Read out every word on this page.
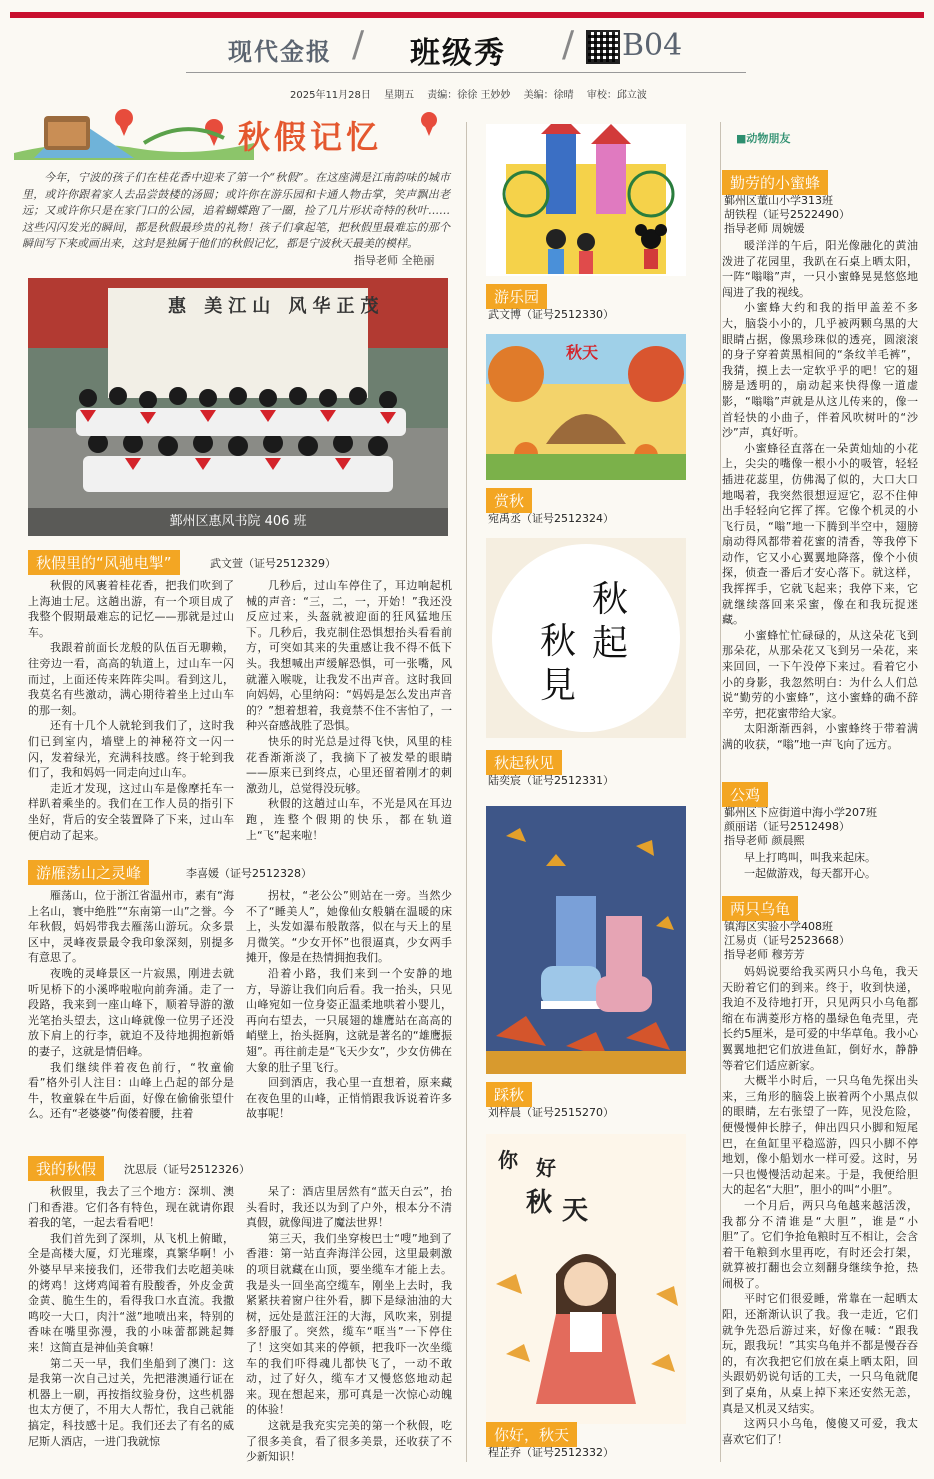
现代金报 / 班级秀 / B04
2025年11月28日 星期五 责编：徐徐 王妙妙 美编：徐晴 审校：邱立波
秋假记忆
今年，宁波的孩子们在桂花香中迎来了第一个“秋假”。在这座满是江南韵味的城市里，或许你跟着家人去品尝鼓楼的汤圆；或许你在游乐园和卡通人物击掌，笑声飘出老远；又或许你只是在家门口的公园，追着蝴蝶跑了一圈，捡了几片形状奇特的秋叶……这些闪闪发光的瞬间，都是秋假最珍贵的礼物！孩子们拿起笔，把秋假里最难忘的那个瞬间写下来或画出来，这封是独属于他们的秋假记忆，都是宁波秋天最美的模样。
指导老师 全艳丽
惠 美江山 风华正茂
鄞州区惠风书院 406 班
秋假里的“风驰电掣”	武文萱（证号2512329）

秋假的风裹着桂花香，把我们吹到了上海迪士尼。这趟出游，有一个项目成了我整个假期最难忘的记忆——那就是过山车。

我跟着前面长龙般的队伍百无聊赖，往旁边一看，高高的轨道上，过山车一闪而过，上面还传来阵阵尖叫。看到这儿，我莫名有些激动，满心期待着坐上过山车的那一刻。

还有十几个人就轮到我们了，这时我们已到室内，墙壁上的神秘符文一闪一闪，发着绿光，充满科技感。终于轮到我们了，我和妈妈一同走向过山车。

走近才发现，这过山车是像摩托车一样趴着乘坐的。我们在工作人员的指引下坐好，背后的安全装置降了下来，过山车便启动了起来。

几秒后，过山车停住了，耳边响起机械的声音：“三，二，一，开始！”我还没反应过来，头盔就被迎面的狂风猛地压下。几秒后，我克制住恐惧想抬头看看前方，可突如其来的失重感让我不得不低下头。我想喊出声缓解恐惧，可一张嘴，风就灌入喉咙，让我发不出声音。这时我回向妈妈，心里纳闷：“妈妈是怎么发出声音的？”想着想着，我竟禁不住不害怕了，一种兴奋感战胜了恐惧。

快乐的时光总是过得飞快，风里的桂花香渐渐淡了，我摘下了被发晕的眼睛——原来已到终点，心里还留着刚才的刺激劲儿，总觉得没玩够。

秋假的这趟过山车，不光是风在耳边跑，连整个假期的快乐，都在轨道上“飞”起来啦！

游雁荡山之灵峰	李喜媛（证号2512328）

雁荡山，位于浙江省温州市，素有“海上名山，寰中绝胜”“东南第一山”之誉。今年秋假，妈妈带我去雁荡山游玩。众多景区中，灵峰夜景最令我印象深刻，别提多有意思了。

夜晚的灵峰景区一片寂黑，刚进去就听见桥下的小溪哗啦啦向前奔涌。走了一段路，我来到一座山峰下，顺着导游的激光笔抬头望去，这山峰就像一位男子还没放下肩上的行李，就迫不及待地拥抱新婚的妻子，这就是情侣峰。

我们继续伴着夜色前行，“牧童偷看”格外引人注目：山峰上凸起的部分是牛，牧童躲在牛后面，好像在偷偷张望什么。还有“老婆婆”佝偻着腰，拄着

拐杖，“老公公”则站在一旁。当然少不了“睡美人”，她像仙女般躺在温暖的床上，头发如瀑布般散落，似在与天上的星月微笑。“少女开怀”也很逼真，少女两手摊开，像是在热情拥抱我们。

沿着小路，我们来到一个安静的地方，导游让我们向后看。我一抬头，只见山峰宛如一位身姿正温柔地哄着小婴儿，再向右望去，一只展翅的雄鹰站在高高的峭壁上，抬头挺胸，这就是著名的“雄鹰振翅”。再往前走是“飞天少女”，少女仿佛在大象的肚子里飞行。

回到酒店，我心里一直想着，原来藏在夜色里的山峰，正悄悄跟我诉说着许多故事呢！

我的秋假	沈思辰（证号2512326）

秋假里，我去了三个地方：深圳、澳门和香港。它们各有特色，现在就请你跟着我的笔，一起去看看吧！

我们首先到了深圳，从飞机上俯瞰，全是高楼大厦，灯光璀璨，真繁华啊！小外婆早早来接我们，还带我们去吃超美味的烤鸡！这烤鸡闻着有股酸香，外皮金黄金黄、脆生生的，看得我口水直流。我撒鸣咬一大口，肉汁“滋”地喷出来，特别的香味在嘴里弥漫，我的小味蕾都跳起舞来！这简直是神仙美食嘛！

第二天一早，我们坐船到了澳门：这是我第一次自己过关，先把港澳通行证在机器上一刷，再按指纹验身份，这些机器也太方便了，不用大人帮忙，我自己就能搞定，科技感十足。我们还去了有名的威尼斯人酒店，一进门我就惊

呆了：酒店里居然有“蓝天白云”，抬头看时，我还以为到了户外，根本分不清真假，就像闯进了魔法世界！

第三天，我们坐穿梭巴士“嗖”地到了香港：第一站直奔海洋公园，这里最刺激的项目就藏在山顶，要坐缆车才能上去。我是头一回坐高空缆车，刚坐上去时，我紧紧扶着窗户往外看，脚下是绿油油的大树，远处是蓝汪汪的大海，风吹来，别提多舒服了。突然，缆车“哐当”一下停住了！这突如其来的停顿，把我吓一次坐缆车的我们吓得魂儿都快飞了，一动不敢动，过了好久，缆车才又慢悠悠地动起来。现在想起来，那可真是一次惊心动魄的体验！

这就是我充实完美的第一个秋假，吃了很多美食，看了很多美景，还收获了不少新知识！

游乐园
武文博（证号2512330）
秋天
赏秋
宛禹丞（证号2512324）
秋
起
秋
見
秋起秋见
陆奕宸（证号2512331）
踩秋
刘梓晨（证号2515270）
你 好
秋 天
你好，秋天
程芷乔（证号2512332）
■动物朋友
勤劳的小蜜蜂
鄞州区董山小学313班
胡铁程（证号2522490）
指导老师 周婉媛

暖洋洋的午后，阳光像融化的黄油泼进了花园里，我趴在石桌上晒太阳，一阵“嗡嗡”声，一只小蜜蜂晃晃悠悠地闯进了我的视线。

小蜜蜂大约和我的指甲盖差不多大，脑袋小小的，几乎被两颗乌黑的大眼睛占据，像黑珍珠似的透亮，圆滚滚的身子穿着黄黑相间的“条纹羊毛裤”，我猜，摸上去一定软乎乎的吧！它的翅膀是透明的，扇动起来快得像一道虚影，“嗡嗡”声就是从这儿传来的，像一首轻快的小曲子，伴着风吹树叶的“沙沙”声，真好听。

小蜜蜂径直落在一朵黄灿灿的小花上，尖尖的嘴像一根小小的吸管，轻轻插进花蕊里，仿佛渴了似的，大口大口地喝着，我突然很想逗逗它，忍不住伸出手轻轻向它挥了挥。它像个机灵的小飞行员，“嗡”地一下腾到半空中，翅膀扇动得风都带着花蜜的清香，等我停下动作，它又小心翼翼地降落，像个小侦探，侦查一番后才安心落下。就这样，我挥挥手，它就飞起来；我停下来，它就继续落回来采蜜，像在和我玩捉迷藏。

小蜜蜂忙忙碌碌的，从这朵花飞到那朵花，从那朵花又飞到另一朵花，来来回回，一下午没停下来过。看着它小小的身影，我忽然明白：为什么人们总说“勤劳的小蜜蜂”，这小蜜蜂的确不辞辛劳，把花蜜带给大家。

太阳渐渐西斜，小蜜蜂终于带着满满的收获，“嗡”地一声飞向了远方。

公鸡
鄞州区下应街道中海小学207班
颜丽诺（证号2512498）
指导老师 颜晨熙

早上打鸣叫，叫我来起床。

一起做游戏，每天都开心。

两只乌龟
镇海区实验小学408班
江易贞（证号2523668）
指导老师 穆芳芳

妈妈说要给我买两只小乌龟，我天天盼着它们的到来。终于，收到快递，我迫不及待地打开，只见两只小乌龟都缩在布满菱形方格的墨绿色龟壳里，壳长约5厘米，是可爱的中华草龟。我小心翼翼地把它们放进鱼缸，倒好水，静静等着它们适应新家。

大概半小时后，一只乌龟先探出头来，三角形的脑袋上嵌着两个小黑点似的眼睛，左右张望了一阵，见没危险，便慢慢伸长脖子，伸出四只小脚和短尾巴，在鱼缸里平稳巡游，四只小脚不停地划，像小船划水一样可爱。这时，另一只也慢慢活动起来。于是，我便给胆大的起名“大胆”，胆小的叫“小胆”。

一个月后，两只乌龟越来越活泼，我都分不清谁是“大胆”，谁是“小胆”了。它们争抢龟粮时互不相让，会含着干龟粮到水里再吃，有时还会打架，就算被打翻也会立刻翻身继续争抢，热闹极了。

平时它们很爱睡，常靠在一起晒太阳，还渐渐认识了我。我一走近，它们就争先恐后游过来，好像在喊：“跟我玩，跟我玩！”其实乌龟并不都是慢吞吞的，有次我把它们放在桌上晒太阳，回头跟奶奶说句话的工夫，一只乌龟就爬到了桌角，从桌上掉下来还安然无恙，真是又机灵又结实。

这两只小乌龟，傻傻又可爱，我太喜欢它们了！
